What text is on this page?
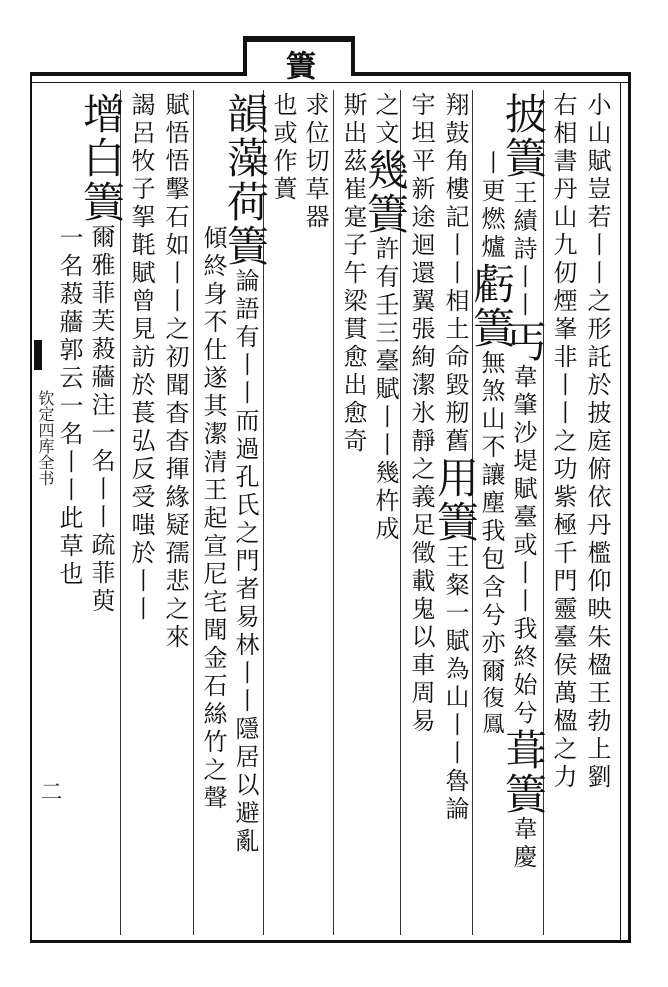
簀
钦定四库全书
二	小山賦豈若丨丨之形託於披庭俯依丹檻仰映朱楹王勃上劉
右相書丹山九仞煙峯非丨丨之功紫極千門靈臺侯萬楹之力
披簀王績詩丨丨丐韋肇沙堤賦臺或丨丨我終始兮葺簀韋慶
丨更燃爐虧簀無煞山不讓塵我包含兮亦爾復鳳
翔鼓角樓記丨丨相土命毀剏舊用簀王粲一賦為山丨丨魯論
宇坦平新途迴還翼張絢潔氷靜之義足徵載鬼以車周易
之文幾簀許有壬三臺賦丨丨幾杵成
斯出茲崔寔子午梁貫愈出愈奇
求位切草器
也或作蕢
韻藻荷簀論語有丨丨而過孔氏之門者易林丨丨隱居以避亂
傾終身不仕遂其潔清王起宣尼宅聞金石絲竹之聲
賦悟悟擊石如丨丨之初聞杳杳揮緣疑孺悲之來
謁呂牧子挐㲨賦曾見訪於萇弘反受嗤於丨丨
增白簀爾雅菲芙蔱蘠注一名丨丨疏菲萸
一名蔱蘠郭云一名丨丨此草也
